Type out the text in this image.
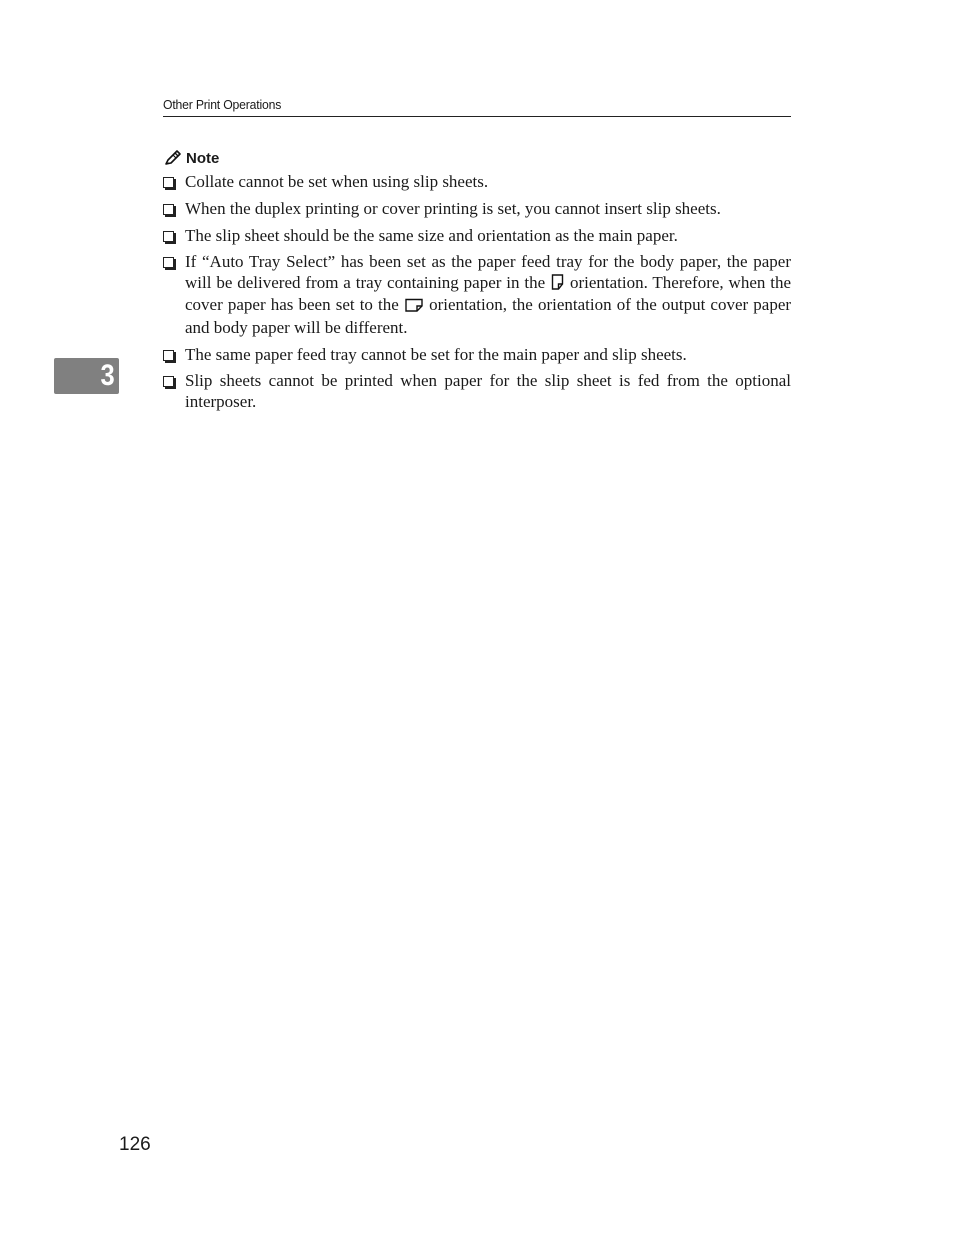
Other Print Operations
Note
Collate cannot be set when using slip sheets.
When the duplex printing or cover printing is set, you cannot insert slip sheets.
The slip sheet should be the same size and orientation as the main paper.
If “Auto Tray Select” has been set as the paper feed tray for the body paper, the paper will be delivered from a tray containing paper in the orientation. Therefore, when the cover paper has been set to the orientation, the orientation of the output cover paper and body paper will be different.
The same paper feed tray cannot be set for the main paper and slip sheets.
Slip sheets cannot be printed when paper for the slip sheet is fed from the optional interposer.
3
126
